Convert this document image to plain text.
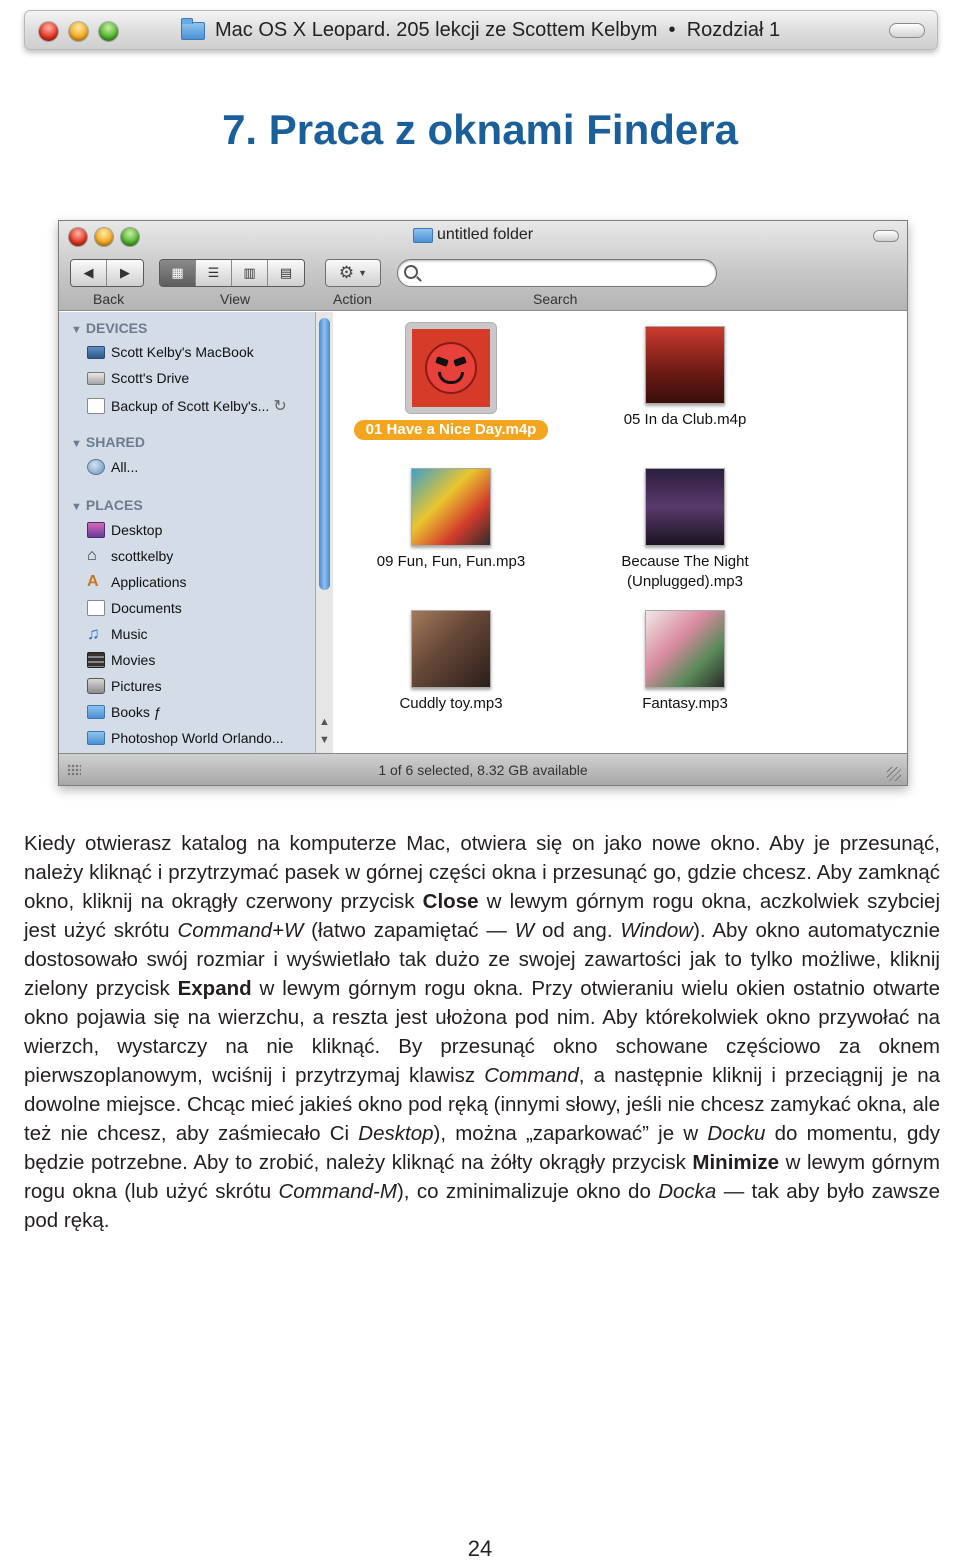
Mac OS X Leopard. 205 lekcji ze Scottem Kelbym • Rozdział 1
7. Praca z oknami Findera
untitled folder
◀	▶	▦	☰	▥	▤	⚙ ▼
Back	View	Action	Search
▼ DEVICES
Scott Kelby's MacBook
Scott's Drive
Backup of Scott Kelby's... ↻
▼ SHARED
All...
▼ PLACES
Desktop
⌂	scottkelby
A Applications
Documents
♫ Music
Movies
Pictures
Books ƒ
Photoshop World Orlando...
▲
▼
01 Have a Nice Day.m4p
05 In da Club.m4p
09 Fun, Fun, Fun.mp3	Because The Night (Unplugged).mp3
Cuddly toy.mp3	Fantasy.mp3
1 of 6 selected, 8.32 GB available

Kiedy otwierasz katalog na komputerze Mac, otwiera się on jako nowe okno. Aby je przesunąć, należy kliknąć i przytrzymać pasek w górnej części okna i przesunąć go, gdzie chcesz. Aby zamknąć okno, kliknij na okrągły czerwony przycisk Close w lewym górnym rogu okna, aczkolwiek szybciej jest użyć skrótu Command+W (łatwo zapamiętać — W od ang. Window). Aby okno automatycznie dostosowało swój rozmiar i wyświetlało tak dużo ze swojej zawartości jak to tylko możliwe, kliknij zielony przycisk Expand w lewym górnym rogu okna. Przy otwieraniu wielu okien ostatnio otwarte okno pojawia się na wierzchu, a reszta jest ułożona pod nim. Aby którekolwiek okno przywołać na wierzch, wystarczy na nie kliknąć. By przesunąć okno schowane częściowo za oknem pierwszoplanowym, wciśnij i przytrzymaj klawisz Command, a następnie kliknij i przeciągnij je na dowolne miejsce. Chcąc mieć jakieś okno pod ręką (innymi słowy, jeśli nie chcesz zamykać okna, ale też nie chcesz, aby zaśmiecało Ci Desktop), można „zaparkować” je w Docku do momentu, gdy będzie potrzebne. Aby to zrobić, należy kliknąć na żółty okrągły przycisk Minimize w lewym górnym rogu okna (lub użyć skrótu Command-M), co zminimalizuje okno do Docka — tak aby było zawsze pod ręką.

24
